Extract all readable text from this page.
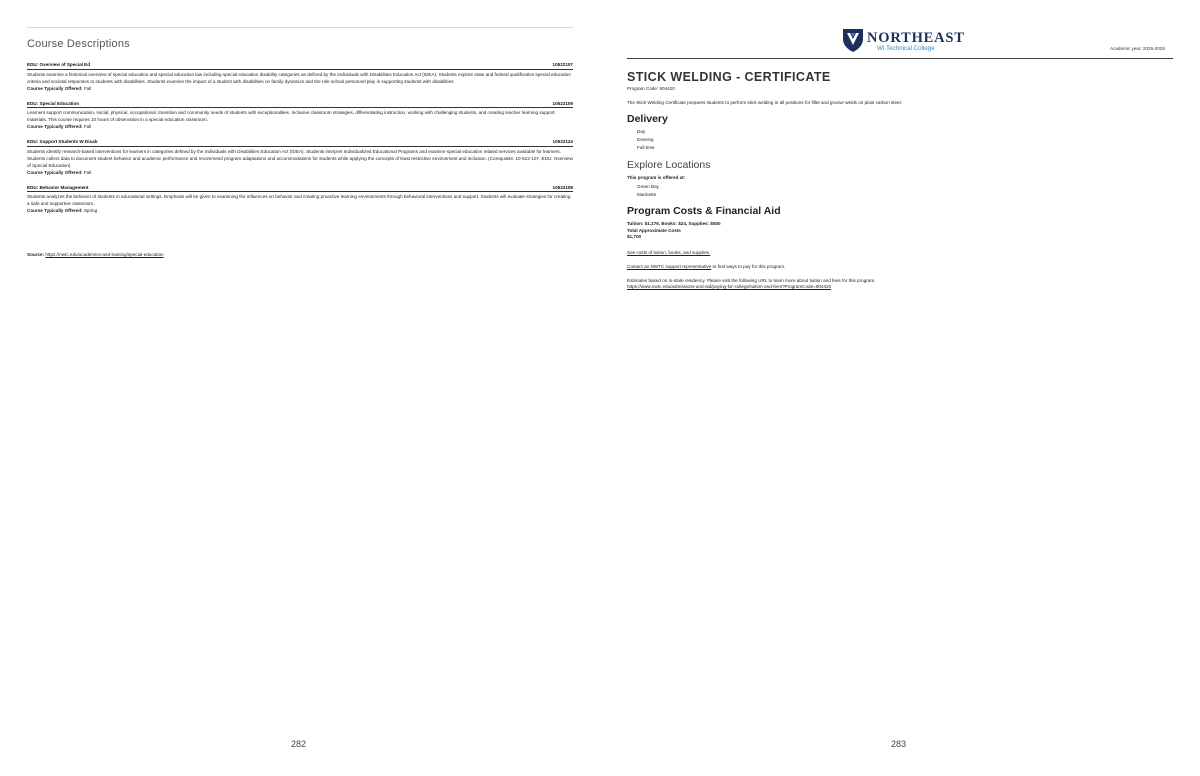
Course Descriptions
EDU: Overview of Special Ed	10522107

Students examine a historical overview of special education and special education law including special education disability categories as defined by the Individuals with Disabilities Education Act (IDEA). Students explore state and federal qualification special education criteria and societal responses to students with disabilities. Students examine the impact of a student with disabilities on family dynamics and the role school personnel play in supporting students with disabilities.

Course Typically Offered: Fall
EDU: Special Education	10522109

Learners support communication, social, physical, occupational, transition and community needs of students with exceptionalities. Inclusive classroom strategies, differentiating instruction, working with challenging students, and creating teacher learning support materials. This course requires 10 hours of observation in a special education classroom.

Course Typically Offered: Fall
EDU: Support Students W Disab	10522124

Students identify research-based interventions for learners in categories defined by the Individuals with Disabilities Education Act (IDEA). Students interpret Individualized Educational Programs and examine special education related services available for learners. Students collect data to document student behavior and academic performance and recommend program adaptations and accommodations for students while applying the concepts of least restrictive environment and inclusion. (Corequisite: 10-522-107, EDU: Overview of Special Education)

Course Typically Offered: Fall
EDU: Behavior Management	10522108

Students analyzes the behavior of students in educational settings. Emphasis will be given to examining the influences on behavior and creating proactive learning environments through behavioral interventions and support. Students will evaluate strategies for creating a safe and supportive classroom.

Course Typically Offered: Spring
Source: https://nwtc.edu/academics-and-training/special-education
282
NORTHEAST
WI Technical College	Academic year: 2025-2026
STICK WELDING - CERTIFICATE
Program Code: 904420
The Stick Welding Certificate prepares students to perform stick welding in all positions for fillet and groove welds on plain carbon steel.
Delivery
Day
Evening
Full-time
Explore Locations
This program is offered at:
Green Bay
Marinette
Program Costs & Financial Aid
Tuition: $1,176, Books: $24, Supplies: $500
Total Approximate Costs
$1,700
See costs of tuition, books, and supplies.
Contact an NWTC support representative to find ways to pay for this program.
Estimates based on in-state residency. Please visit the following URL to learn more about tuition and fees for this program.
https://www.nwtc.edu/admissions-and-aid/paying-for-college/tuition-and-fees?ProgramCode=904420
283
